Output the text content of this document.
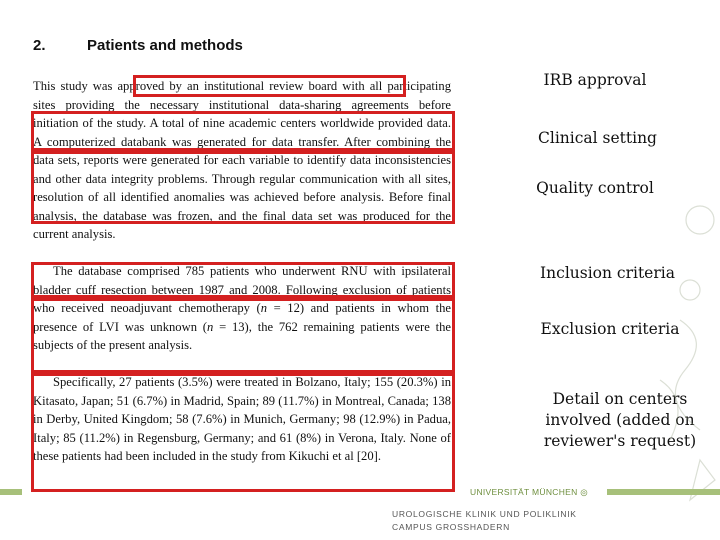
2.	Patients and methods

This study was approved by an institutional review board with all participating sites providing the necessary institutional data-sharing agreements before initiation of the study. A total of nine academic centers worldwide provided data. A computerized databank was generated for data transfer. After combining the data sets, reports were generated for each variable to identify data inconsistencies and other data integrity problems. Through regular communication with all sites, resolution of all identified anomalies was achieved before analysis. Before final analysis, the database was frozen, and the final data set was produced for the current analysis.

The database comprised 785 patients who underwent RNU with ipsilateral bladder cuff resection between 1987 and 2008. Following exclusion of patients who received neoadjuvant chemotherapy (n = 12) and patients in whom the presence of LVI was unknown (n = 13), the 762 remaining patients were the subjects of the present analysis.

Specifically, 27 patients (3.5%) were treated in Bolzano, Italy; 155 (20.3%) in Kitasato, Japan; 51 (6.7%) in Madrid, Spain; 89 (11.7%) in Montreal, Canada; 138 in Derby, United Kingdom; 58 (7.6%) in Munich, Germany; 98 (12.9%) in Padua, Italy; 85 (11.2%) in Regensburg, Germany; and 61 (8%) in Verona, Italy. None of these patients had been included in the study from Kikuchi et al [20].

IRB approval
Clinical setting
Quality control
Inclusion criteria
Exclusion criteria
Detail on centers involved (added on reviewer's request)
UNIVERSITÄT MÜNCHEN ◎
UROLOGISCHE KLINIK UND POLIKLINIK
CAMPUS GROSSHADERN
